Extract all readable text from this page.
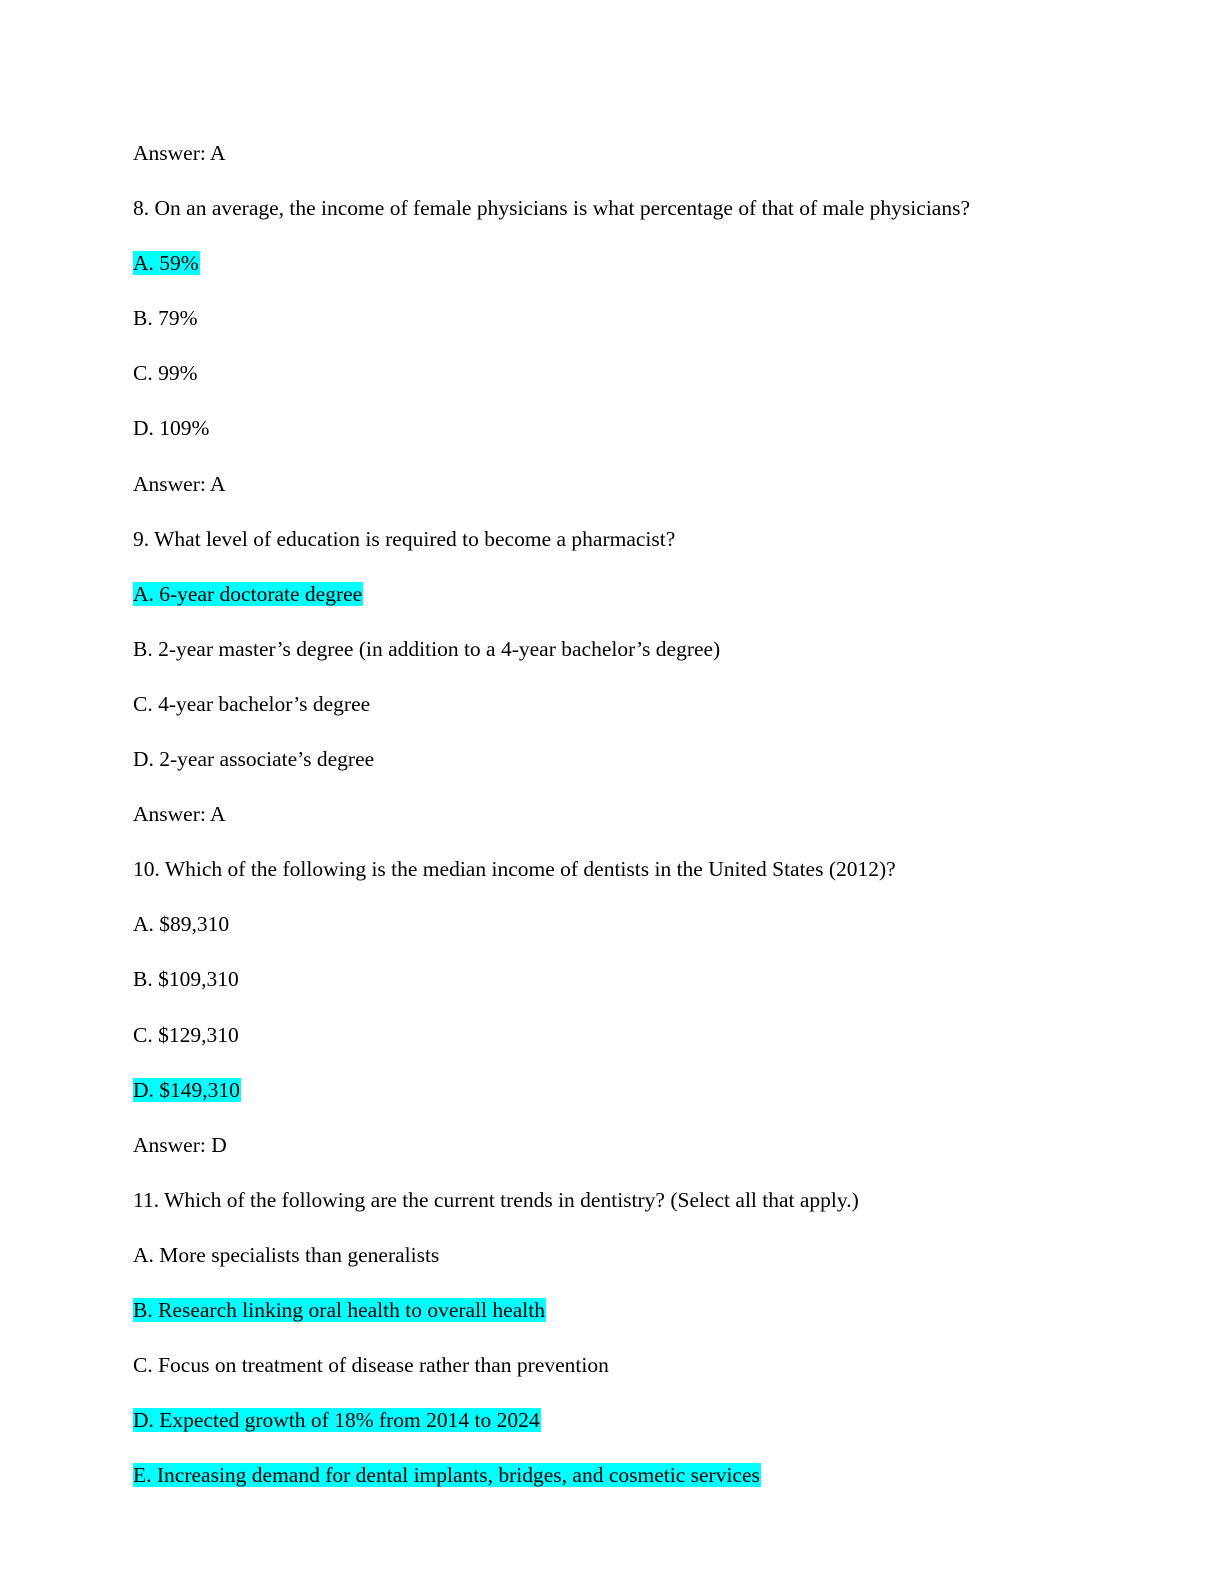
Answer: A
8. On an average, the income of female physicians is what percentage of that of male physicians?
A. 59%
B. 79%
C. 99%
D. 109%
Answer: A
9. What level of education is required to become a pharmacist?
A. 6-year doctorate degree
B. 2-year master’s degree (in addition to a 4-year bachelor’s degree)
C. 4-year bachelor’s degree
D. 2-year associate’s degree
Answer: A
10. Which of the following is the median income of dentists in the United States (2012)?
A. $89,310
B. $109,310
C. $129,310
D. $149,310
Answer: D
11. Which of the following are the current trends in dentistry? (Select all that apply.)
A. More specialists than generalists
B. Research linking oral health to overall health
C. Focus on treatment of disease rather than prevention
D. Expected growth of 18% from 2014 to 2024
E. Increasing demand for dental implants, bridges, and cosmetic services
